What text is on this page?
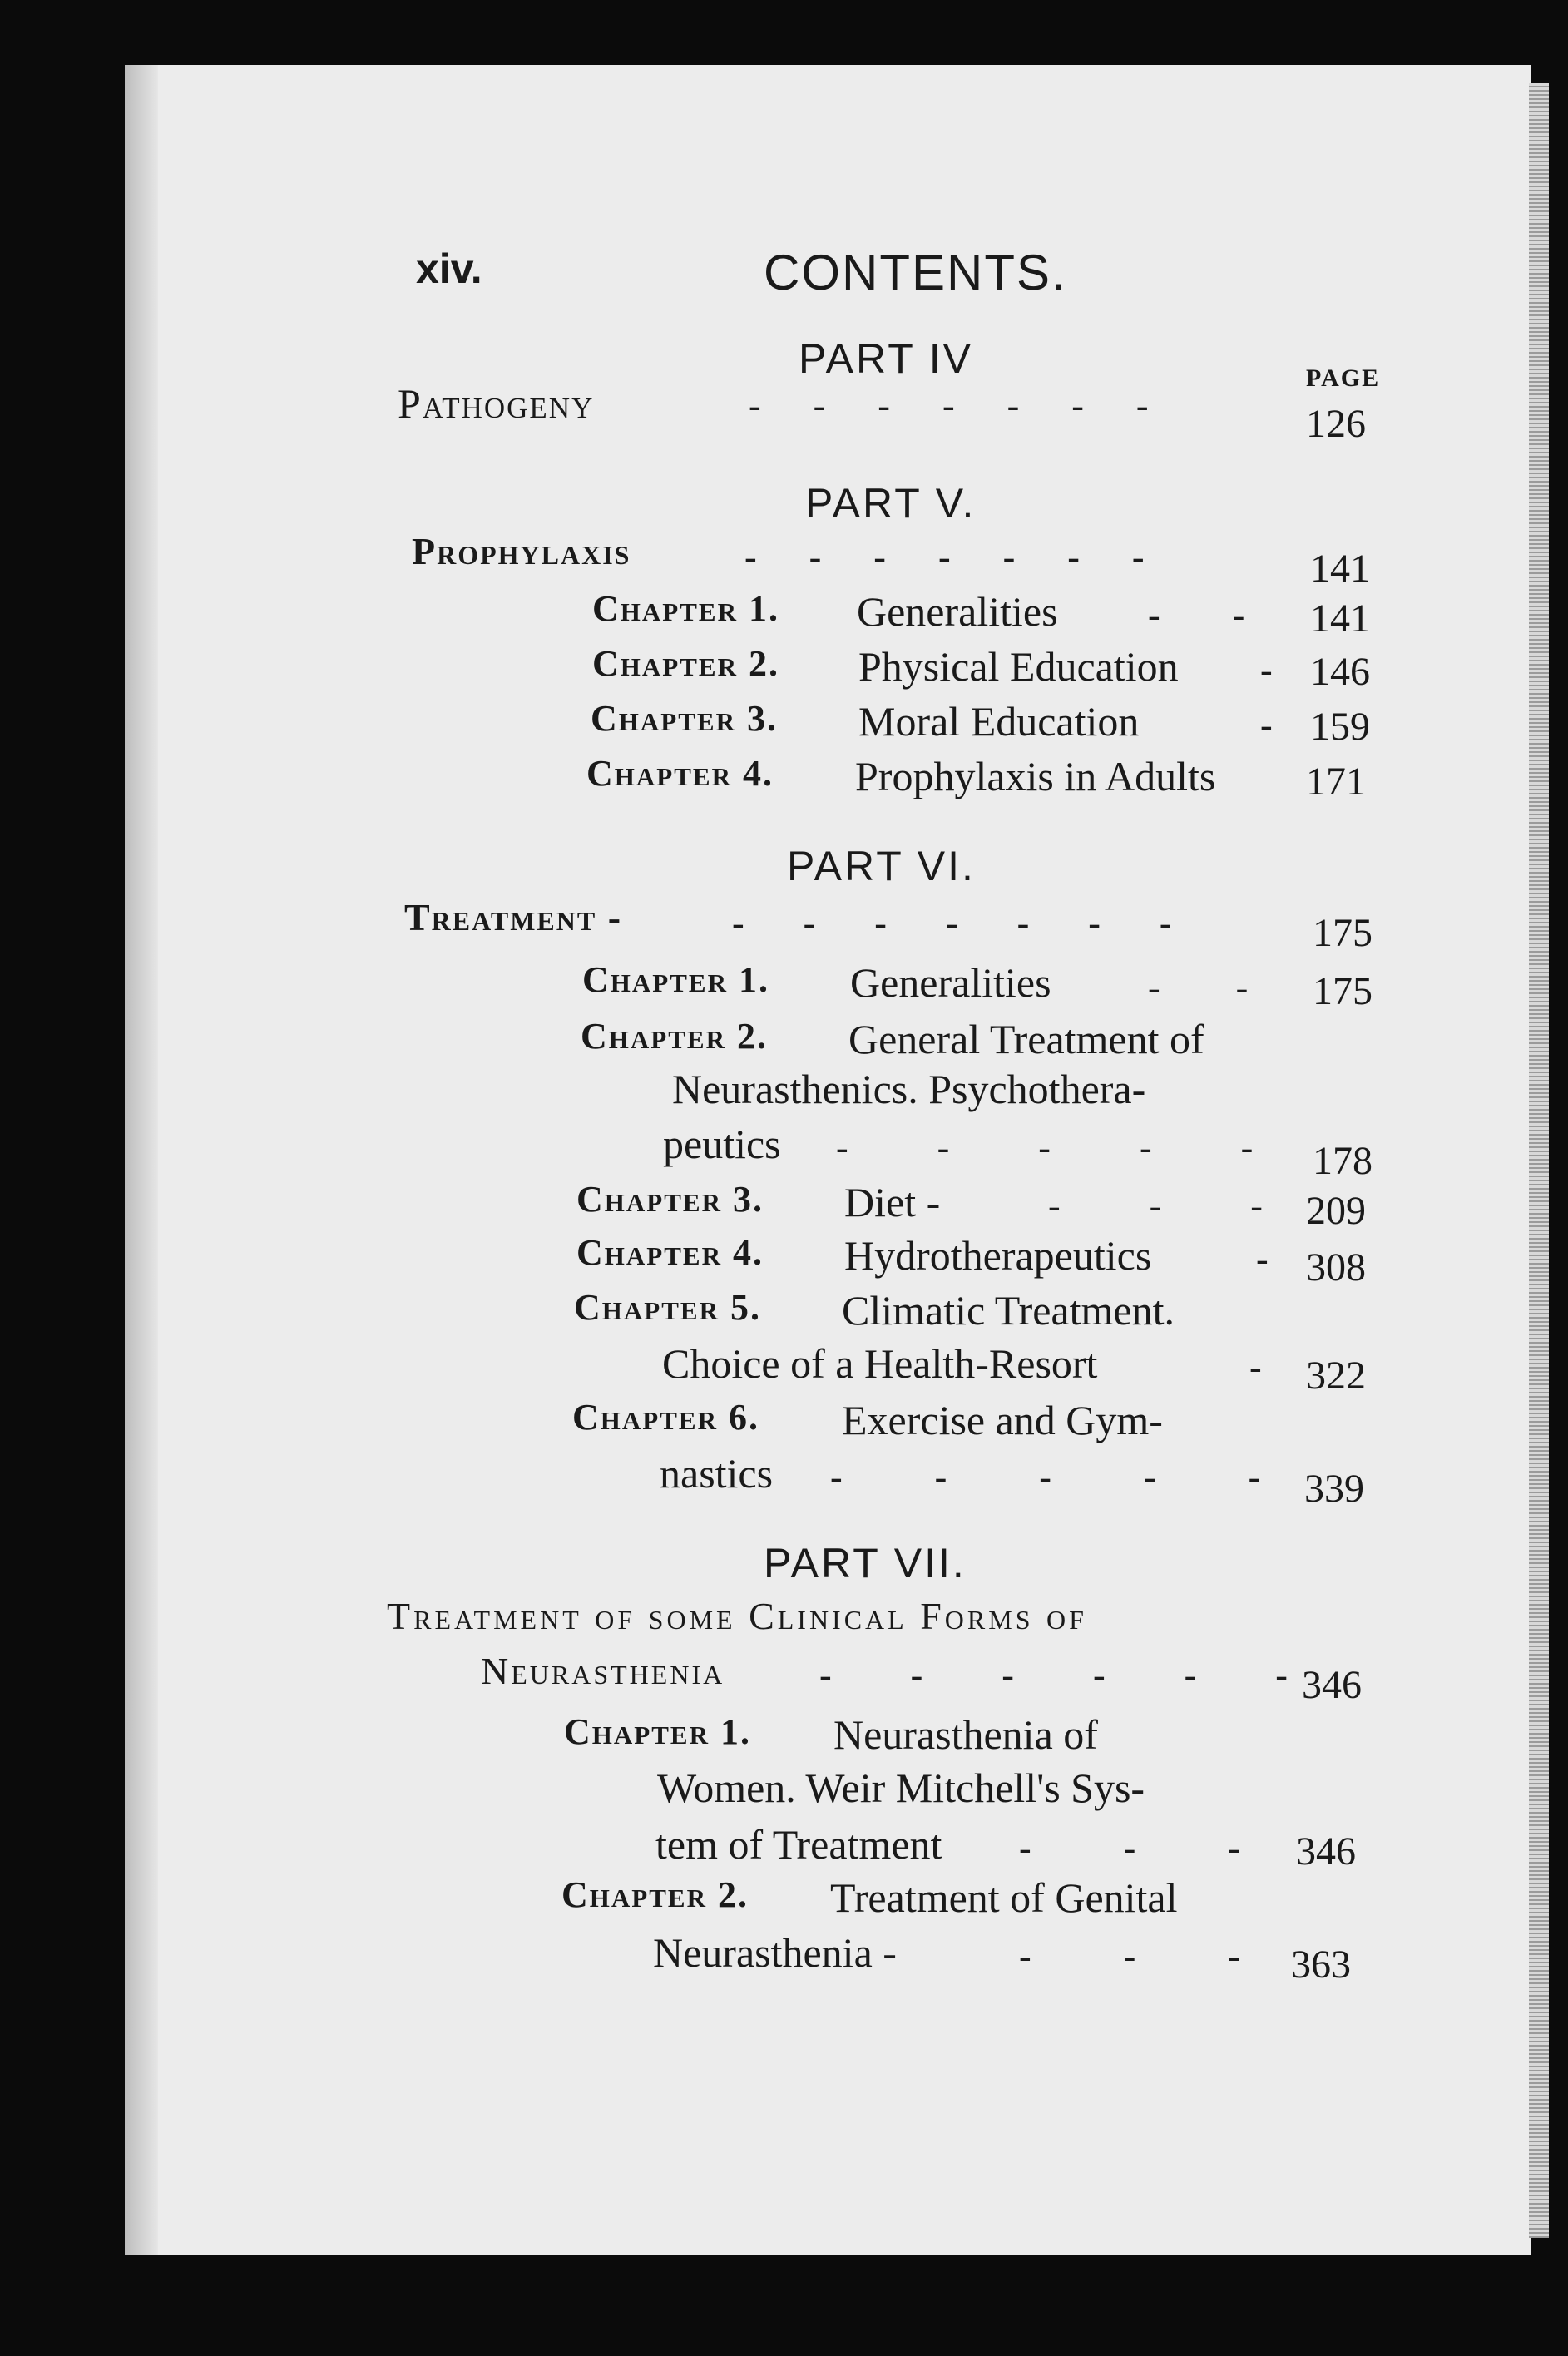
xiv.	CONTENTS.
PART IV	PAGE
Pathogeny	- - - - - - -	126
PART V.
Prophylaxis	- - - - - - -	141
Chapter 1. Generalities - - 141
Chapter 2. Physical Education - 146
Chapter 3. Moral Education	- 159
Chapter 4. Prophylaxis in Adults 171
PART VI.
Treatment -	- - - - - - -	175
Chapter 1. Generalities	- - 175
Chapter 2. General Treatment of
Neurasthenics. Psychothera-
peutics - - - - - 178
Chapter 3. Diet -	- - - 209
Chapter 4. Hydrotherapeutics	- 308
Chapter 5. Climatic Treatment.
Choice of a Health-Resort	- 322
Chapter 6. Exercise and Gym-
nastics - - - - - 339
PART VII.
Treatment of some Clinical Forms of
Neurasthenia	- - - - - -
346
Chapter 1. Neurasthenia of
Women. Weir Mitchell's Sys-
tem of Treatment - - - 346
Chapter 2. Treatment of Genital
Neurasthenia -	- - - 363
